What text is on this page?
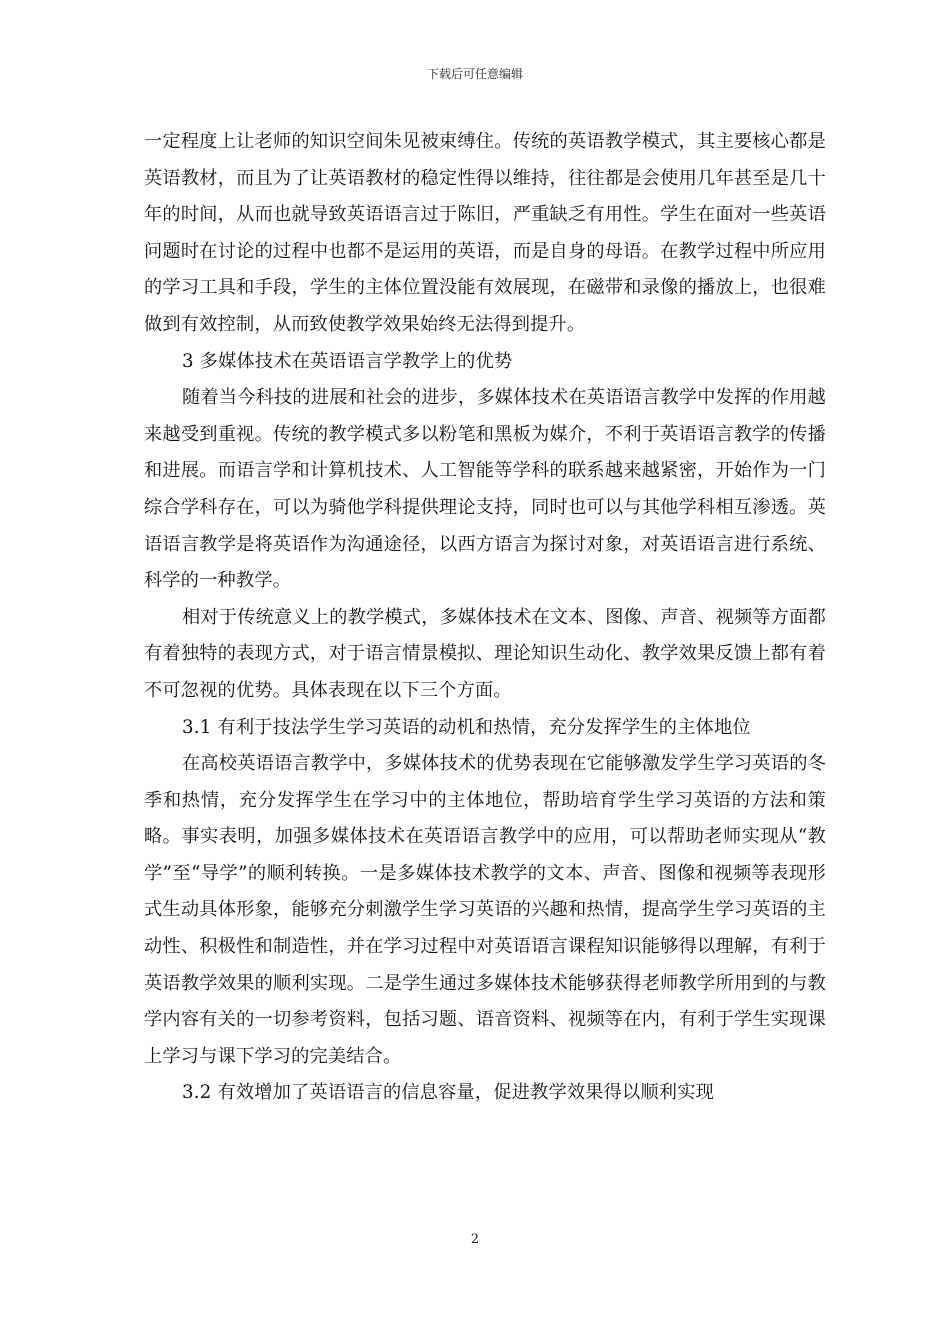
下载后可任意编辑

一定程度上让老师的知识空间朱见被束缚住。传统的英语教学模式，其主要核心都是英语教材，而且为了让英语教材的稳定性得以维持，往往都是会使用几年甚至是几十年的时间，从而也就导致英语语言过于陈旧，严重缺乏有用性。学生在面对一些英语问题时在讨论的过程中也都不是运用的英语，而是自身的母语。在教学过程中所应用的学习工具和手段，学生的主体位置没能有效展现，在磁带和录像的播放上，也很难做到有效控制，从而致使教学效果始终无法得到提升。

3 多媒体技术在英语语言学教学上的优势

随着当今科技的进展和社会的进步，多媒体技术在英语语言教学中发挥的作用越来越受到重视。传统的教学模式多以粉笔和黑板为媒介，不利于英语语言教学的传播和进展。而语言学和计算机技术、人工智能等学科的联系越来越紧密，开始作为一门综合学科存在，可以为骑他学科提供理论支持，同时也可以与其他学科相互渗透。英语语言教学是将英语作为沟通途径，以西方语言为探讨对象，对英语语言进行系统、科学的一种教学。

相对于传统意义上的教学模式，多媒体技术在文本、图像、声音、视频等方面都有着独特的表现方式，对于语言情景模拟、理论知识生动化、教学效果反馈上都有着不可忽视的优势。具体表现在以下三个方面。

3.1 有利于技法学生学习英语的动机和热情，充分发挥学生的主体地位

在高校英语语言教学中，多媒体技术的优势表现在它能够激发学生学习英语的冬季和热情，充分发挥学生在学习中的主体地位，帮助培育学生学习英语的方法和策略。事实表明，加强多媒体技术在英语语言教学中的应用，可以帮助老师实现从“教学”至“导学”的顺利转换。一是多媒体技术教学的文本、声音、图像和视频等表现形式生动具体形象，能够充分刺激学生学习英语的兴趣和热情，提高学生学习英语的主动性、积极性和制造性，并在学习过程中对英语语言课程知识能够得以理解，有利于英语教学效果的顺利实现。二是学生通过多媒体技术能够获得老师教学所用到的与教学内容有关的一切参考资料，包括习题、语音资料、视频等在内，有利于学生实现课上学习与课下学习的完美结合。

3.2 有效增加了英语语言的信息容量，促进教学效果得以顺利实现

2
